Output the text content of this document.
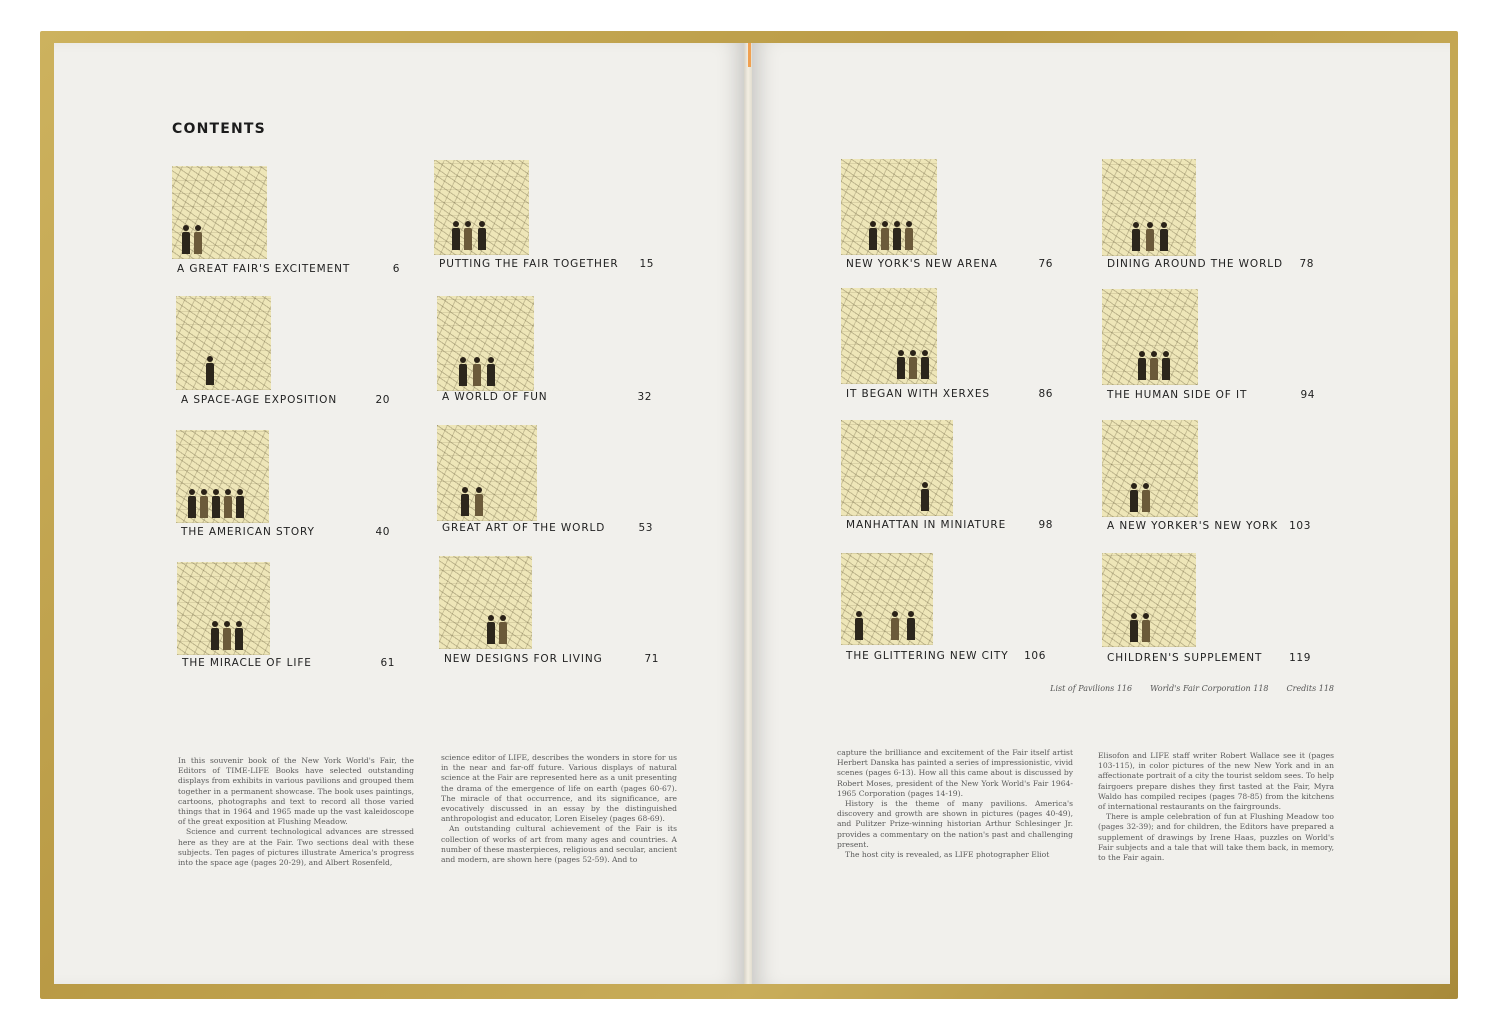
CONTENTS
A GREAT FAIR'S EXCITEMENT	6	PUTTING THE FAIR TOGETHER	15
A SPACE-AGE EXPOSITION	20	A WORLD OF FUN	32
THE AMERICAN STORY	40	GREAT ART OF THE WORLD	53
THE MIRACLE OF LIFE	61	NEW DESIGNS FOR LIVING	71
NEW YORK'S NEW ARENA	76	DINING AROUND THE WORLD	78
IT BEGAN WITH XERXES	86	THE HUMAN SIDE OF IT	94
MANHATTAN IN MINIATURE	98	A NEW YORKER'S NEW YORK	103
THE GLITTERING NEW CITY	106	CHILDREN'S SUPPLEMENT	119
List of Pavilions 116 World's Fair Corporation 118 Credits 118

In this souvenir book of the New York World's Fair, the Editors of TIME-LIFE Books have selected outstanding displays from exhibits in various pavilions and grouped them together in a permanent showcase. The book uses paintings, cartoons, photographs and text to record all those varied things that in 1964 and 1965 made up the vast kaleidoscope of the great exposition at Flushing Meadow.

Science and current technological advances are stressed here as they are at the Fair. Two sections deal with these subjects. Ten pages of pictures illustrate America's progress into the space age (pages 20-29), and Albert Rosenfeld,

science editor of LIFE, describes the wonders in store for us in the near and far-off future. Various displays of natural science at the Fair are represented here as a unit presenting the drama of the emergence of life on earth (pages 60-67). The miracle of that occurrence, and its significance, are evocatively discussed in an essay by the distinguished anthropologist and educator, Loren Eiseley (pages 68-69).

An outstanding cultural achievement of the Fair is its collection of works of art from many ages and countries. A number of these masterpieces, religious and secular, ancient and modern, are shown here (pages 52-59). And to

capture the brilliance and excitement of the Fair itself artist Herbert Danska has painted a series of impressionistic, vivid scenes (pages 6-13). How all this came about is discussed by Robert Moses, president of the New York World's Fair 1964-1965 Corporation (pages 14-19).

History is the theme of many pavilions. America's discovery and growth are shown in pictures (pages 40-49), and Pulitzer Prize-winning historian Arthur Schlesinger Jr. provides a commentary on the nation's past and challenging present.

The host city is revealed, as LIFE photographer Eliot

Elisofon and LIFE staff writer Robert Wallace see it (pages 103-115), in color pictures of the new New York and in an affectionate portrait of a city the tourist seldom sees. To help fairgoers prepare dishes they first tasted at the Fair, Myra Waldo has compiled recipes (pages 78-85) from the kitchens of international restaurants on the fairgrounds.

There is ample celebration of fun at Flushing Meadow too (pages 32-39); and for children, the Editors have prepared a supplement of drawings by Irene Haas, puzzles on World's Fair subjects and a tale that will take them back, in memory, to the Fair again.
